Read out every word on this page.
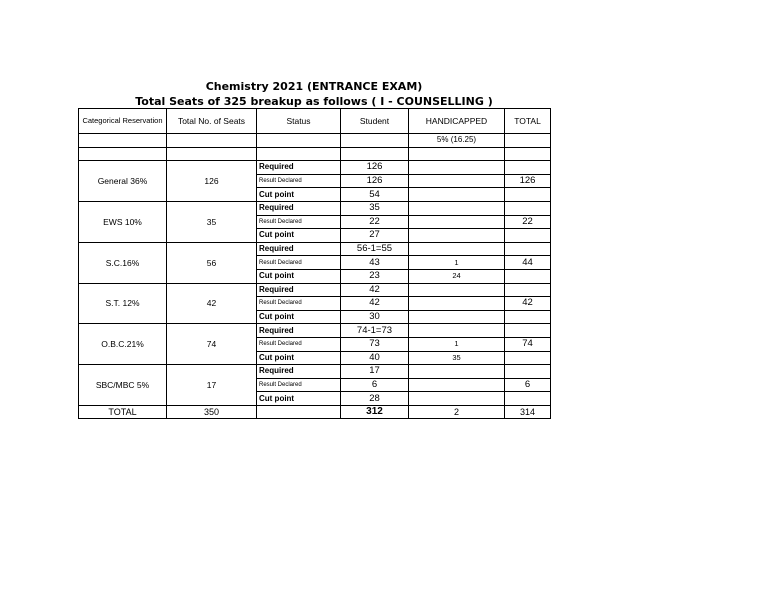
Chemistry 2021 (ENTRANCE EXAM)
Total Seats of 325 breakup as follows ( I - COUNSELLING )
Categorical Reservation	Total No. of Seats	Status	Student	HANDICAPPED	TOTAL
				5% (16.25)	

General 36%	126	Required	126		
		Result Declared	126		126
		Cut point	54		
EWS 10%	35	Required	35		
		Result Declared	22		22
		Cut point	27		
S.C.16%	56	Required	56-1=55		
		Result Declared	43	1	44
		Cut point	23	24	
S.T. 12%	42	Required	42		
		Result Declared	42		42
		Cut point	30		
O.B.C.21%	74	Required	74-1=73		
		Result Declared	73	1	74
		Cut point	40	35	
SBC/MBC 5%	17	Required	17		
		Result Declared	6		6
		Cut point	28		
TOTAL	350		312	2	314
